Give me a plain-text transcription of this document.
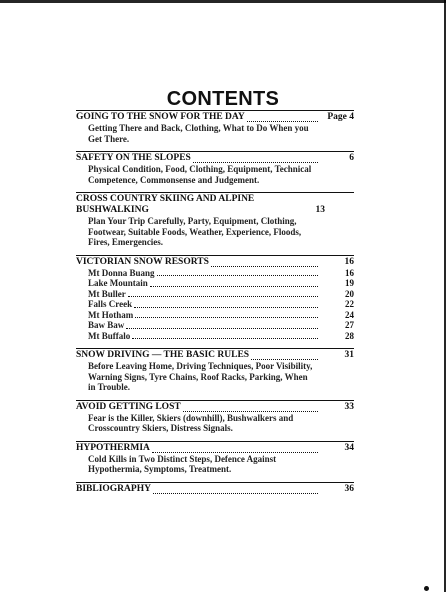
CONTENTS
GOING TO THE SNOW FOR THE DAY	Page 4
Getting There and Back, Clothing, What to Do When you Get There.
SAFETY ON THE SLOPES	6
Physical Condition, Food, Clothing, Equipment, Technical Competence, Commonsense and Judgement.
CROSS COUNTRY SKIING AND ALPINE BUSHWALKING	13
Plan Your Trip Carefully, Party, Equipment, Clothing, Footwear, Suitable Foods, Weather, Experience, Floods, Fires, Emergencies.
VICTORIAN SNOW RESORTS	16
Mt Donna Buang	16
Lake Mountain	19
Mt Buller	20
Falls Creek	22
Mt Hotham	24
Baw Baw	27
Mt Buffalo	28
SNOW DRIVING — THE BASIC RULES	31
Before Leaving Home, Driving Techniques, Poor Visibility, Warning Signs, Tyre Chains, Roof Racks, Parking, When in Trouble.
AVOID GETTING LOST	33
Fear is the Killer, Skiers (downhill), Bushwalkers and Crosscountry Skiers, Distress Signals.
HYPOTHERMIA	34
Cold Kills in Two Distinct Steps, Defence Against Hypothermia, Symptoms, Treatment.
BIBLIOGRAPHY	36
